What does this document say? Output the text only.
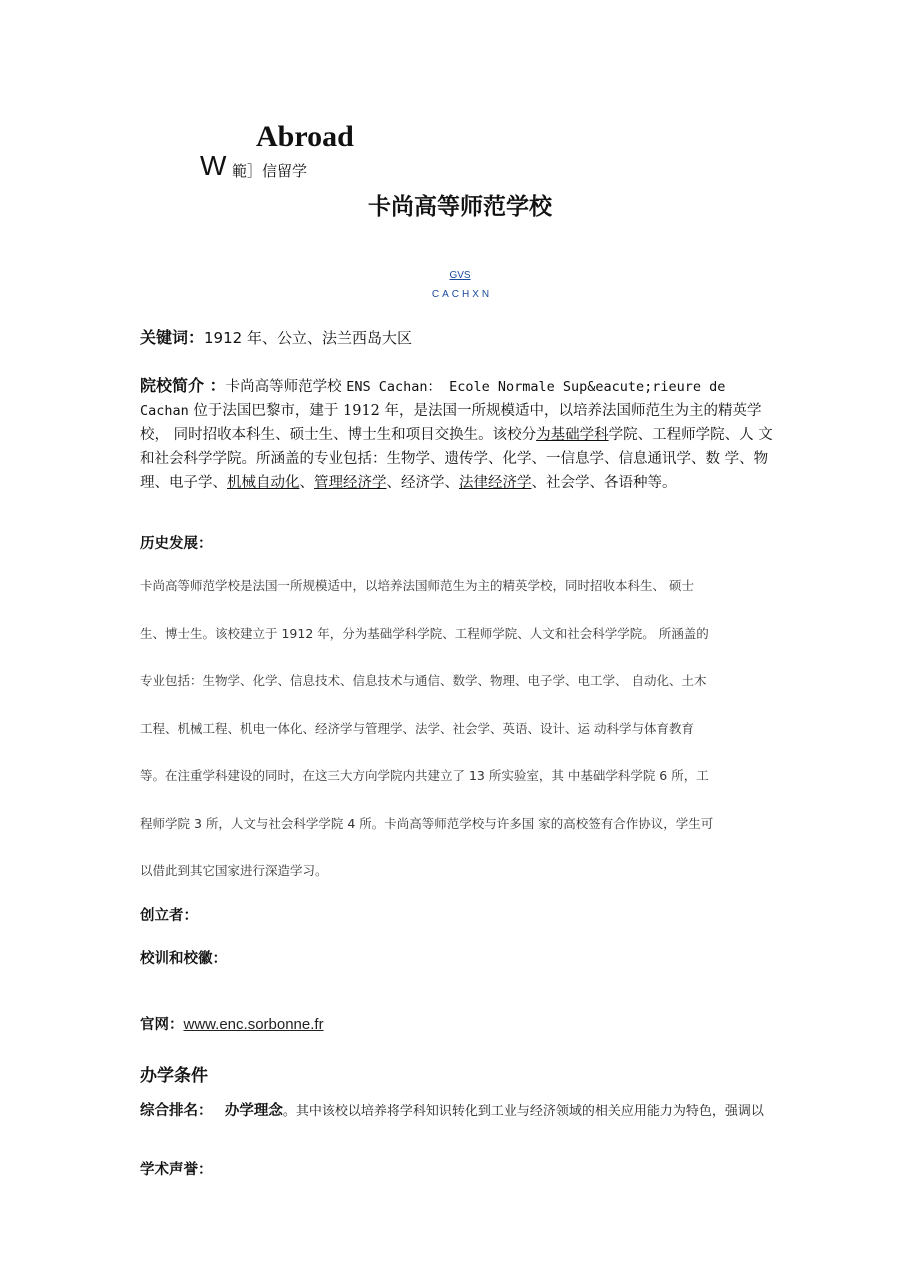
Abroad
W 範］信留学
卡尚高等师范学校
GVS
CACHXN
关键词：1912 年、公立、法兰西岛大区
院校简介 ：卡尚高等师范学校 ENS Cachan： Ecole Normale Sup&eacute;rieure de Cachan 位于法国巴黎市，建于 1912 年，是法国一所规模适中，以培养法国师范生为主的精英学校， 同时招收本科生、硕士生、博士生和项目交换生。该校分为基础学科学院、工程师学院、人 文和社会科学学院。所涵盖的专业包括：生物学、遗传学、化学、一信息学、信息通讯学、数 学、物理、电子学、机械自动化、管理经济学、经济学、法律经济学、社会学、各语种等。
历史发展：
卡尚高等师范学校是法国一所规模适中，以培养法国师范生为主的精英学校，同时招收本科生、 硕士
生、博士生。该校建立于 1912 年，分为基础学科学院、工程师学院、人文和社会科学学院。 所涵盖的
专业包括：生物学、化学、信息技术、信息技术与通信、数学、物理、电子学、电工学、 自动化、土木
工程、机械工程、机电一体化、经济学与管理学、法学、社会学、英语、设计、运 动科学与体育教育
等。在注重学科建设的同时，在这三大方向学院内共建立了 13 所实验室，其 中基础学科学院 6 所，工
程师学院 3 所，人文与社会科学学院 4 所。卡尚高等师范学校与许多国 家的高校签有合作协议，学生可
以借此到其它国家进行深造学习。
创立者：
校训和校徽：
官网：www.enc.sorbonne.fr
办学条件
综合排名： 办学理念。其中该校以培养将学科知识转化到工业与经济领域的相关应用能力为特色，强调以
学术声誉：
